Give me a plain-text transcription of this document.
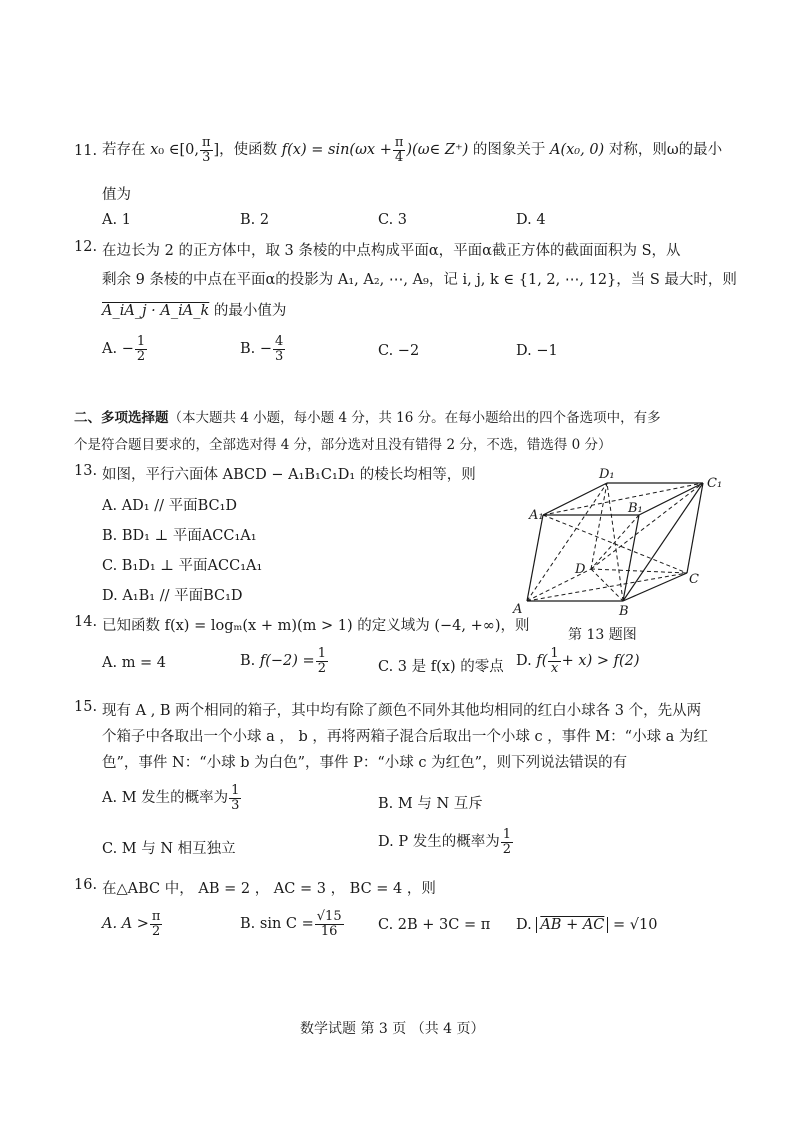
11. 若存在 x₀ ∈[0, $\frac{\pi}{3}$ ]，使函数 $f(x) = \sin(\omega x + \frac{\pi}{4}$ )(ω∈ Z⁺) 的图象关于 A(x₀, 0) 对称，则ω的最小
值为
A. 1	B. 2	C. 3	D. 4
12. 在边长为 2 的正方体中，取 3 条棱的中点构成平面α，平面α截正方体的截面面积为 S，从
剩余 9 条棱的中点在平面α的投影为 A₁, A₂, ⋯, A₉，记 i, j, k ∈ {1, 2, ⋯, 12}，当 S 最大时，则
A_iA_j · A_iA_k 的最小值为
A. − $\frac{1}{2}$	B. − $\frac{4}{3}$	C. −2	D. −1
二、多项选择题（本大题共 4 小题，每小题 4 分，共 16 分。在每小题给出的四个备选项中，有多
个是符合题目要求的，全部选对得 4 分，部分选对且没有错得 2 分，不选，错选得 0 分）
13. 如图，平行六面体 ABCD − A₁B₁C₁D₁ 的棱长均相等，则
A. AD₁ // 平面BC₁D
B. BD₁ ⊥ 平面ACC₁A₁
C. B₁D₁ ⊥ 平面ACC₁A₁
D. A₁B₁ // 平面BC₁D
D₁
C₁
A₁	B₁
D
C
A	B
第 13 题图
14. 已知函数 f(x) = logₘ(x + m)(m > 1) 的定义域为 (−4, +∞)，则
A. m = 4	B. $f(-2) = \frac{1}{2}$	C. 3 是 f(x) 的零点 D. $f( \frac{1}{x} + x) > f(2)$
15. 现有 A , B 两个相同的箱子，其中均有除了颜色不同外其他均相同的红白小球各 3 个，先从两
个箱子中各取出一个小球 a ， b ，再将两箱子混合后取出一个小球 c ，事件 M：“小球 a 为红
色”，事件 N：“小球 b 为白色”，事件 P：“小球 c 为红色”，则下列说法错误的有
A. M 发生的概率为 $\frac{1}{3}$	B. M 与 N 互斥
C. M 与 N 相互独立	D. P 发生的概率为 $\frac{1}{2}$
16. 在△ABC 中， AB = 2 ， AC = 3 ， BC = 4 ，则
A. $A > \frac{\pi}{2}$	B. $\sin C = \frac{√15}{16} C$. 2B + 3C = π D. AB + AC = √10
数学试题 第 3 页 （共 4 页）
